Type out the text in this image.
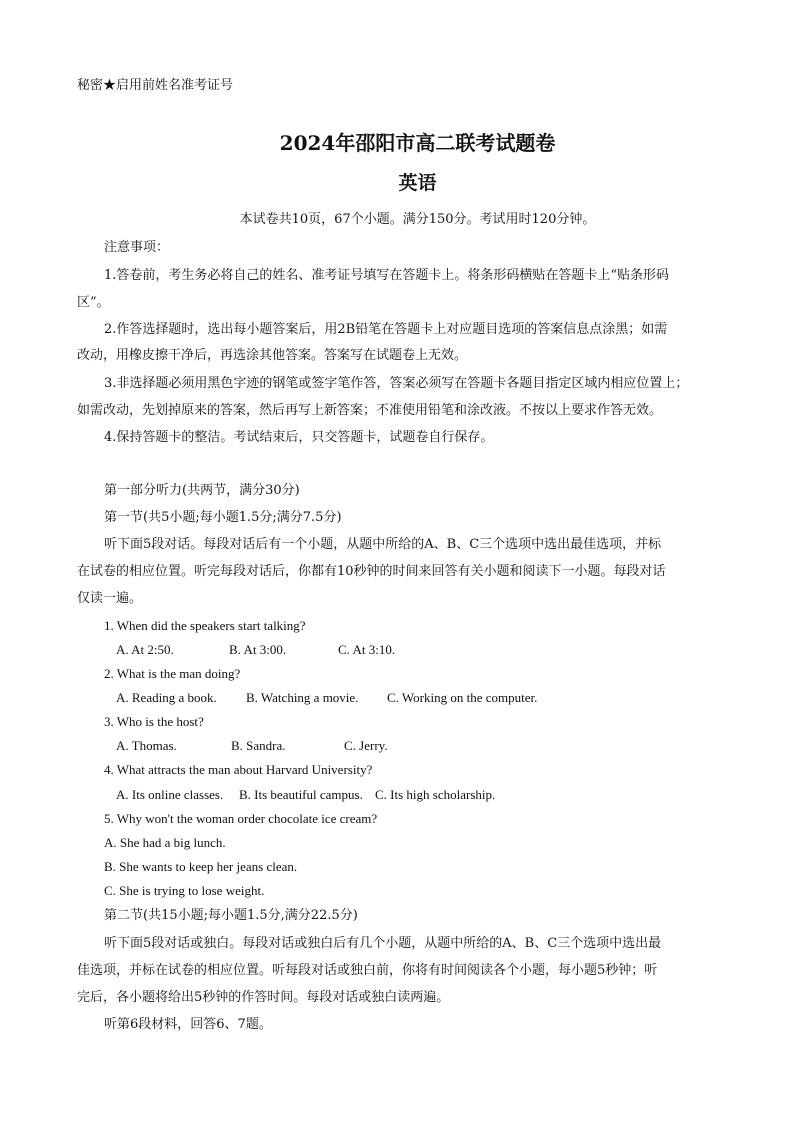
秘密★启用前姓名准考证号
2024年邵阳市高二联考试题卷
英语
本试卷共10页，67个小题。满分150分。考试用时120分钟。
注意事项：
1.答卷前，考生务必将自己的姓名、准考证号填写在答题卡上。将条形码横贴在答题卡上“贴条形码
区”。
2.作答选择题时，选出每小题答案后，用2B铅笔在答题卡上对应题目选项的答案信息点涂黑；如需
改动，用橡皮擦干净后，再选涂其他答案。答案写在试题卷上无效。
3.非选择题必须用黑色字迹的钢笔或签字笔作答，答案必须写在答题卡各题目指定区域内相应位置上；
如需改动，先划掉原来的答案，然后再写上新答案；不准使用铅笔和涂改液。不按以上要求作答无效。
4.保持答题卡的整洁。考试结束后，只交答题卡，试题卷自行保存。
第一部分听力(共两节，满分30分)
第一节(共5小题;每小题1.5分;满分7.5分)
听下面5段对话。每段对话后有一个小题，从题中所给的A、B、C三个选项中选出最佳选项，并标
在试卷的相应位置。听完每段对话后，你都有10秒钟的时间来回答有关小题和阅读下一小题。每段对话
仅读一遍。
1. When did the speakers start talking?
A. At 2:50.	B. At 3:00.	C. At 3:10.
2. What is the man doing?
A. Reading a book. B. Watching a movie. C. Working on the computer.
3. Who is the host?
A. Thomas.	B. Sandra.	C. Jerry.
4. What attracts the man about Harvard University?
A. Its online classes. B. Its beautiful campus. C. Its high scholarship.
5. Why won't the woman order chocolate ice cream?
A. She had a big lunch.
B. She wants to keep her jeans clean.
C. She is trying to lose weight.
第二节(共15小题;每小题1.5分,满分22.5分)
听下面5段对话或独白。每段对话或独白后有几个小题，从题中所给的A、B、C三个选项中选出最
佳选项，并标在试卷的相应位置。听每段对话或独白前，你将有时间阅读各个小题，每小题5秒钟；听
完后，各小题将给出5秒钟的作答时间。每段对话或独白读两遍。
听第6段材料，回答6、7题。
